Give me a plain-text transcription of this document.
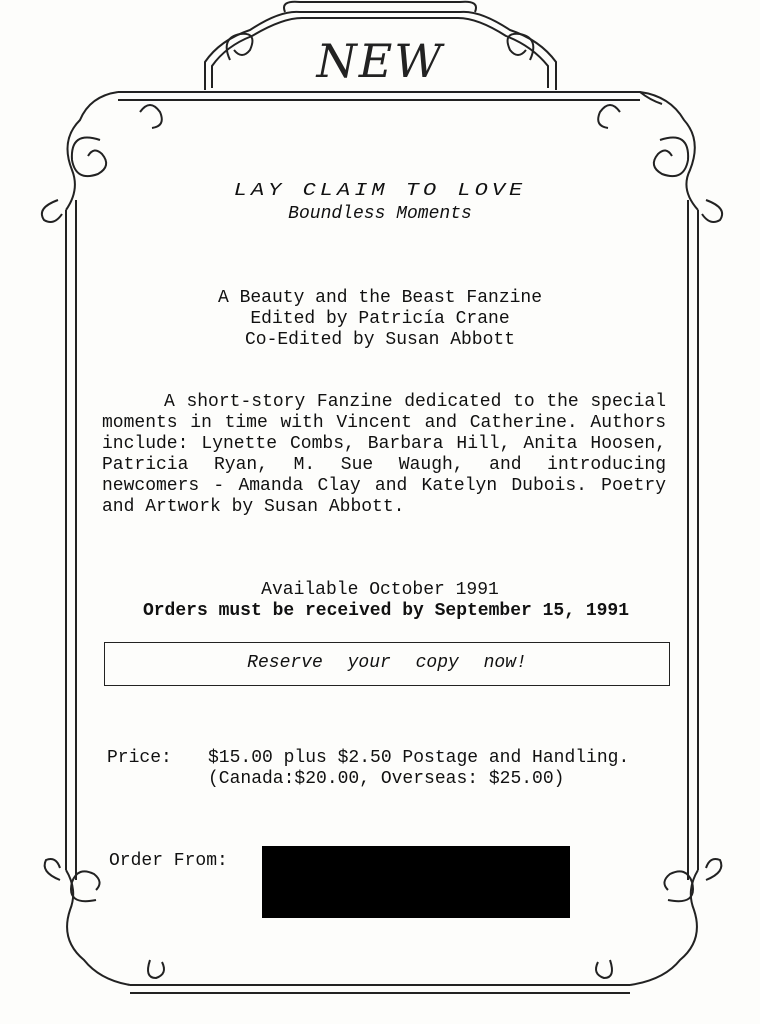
NEW
LAY CLAIM TO LOVE
Boundless Moments
A Beauty and the Beast Fanzine
Edited by Patricía Crane
Co-Edited by Susan Abbott
A short-story Fanzine dedicated to the special moments in time with Vincent and Catherine. Authors include: Lynette Combs, Barbara Hill, Anita Hoosen, Patricia Ryan, M. Sue Waugh, and introducing newcomers - Amanda Clay and Katelyn Dubois. Poetry and Artwork by Susan Abbott.
Available October 1991
Orders must be received by September 15, 1991
Reserve your copy now!
Price: $15.00 plus $2.50 Postage and Handling. (Canada:$20.00, Overseas: $25.00)
Order From:
